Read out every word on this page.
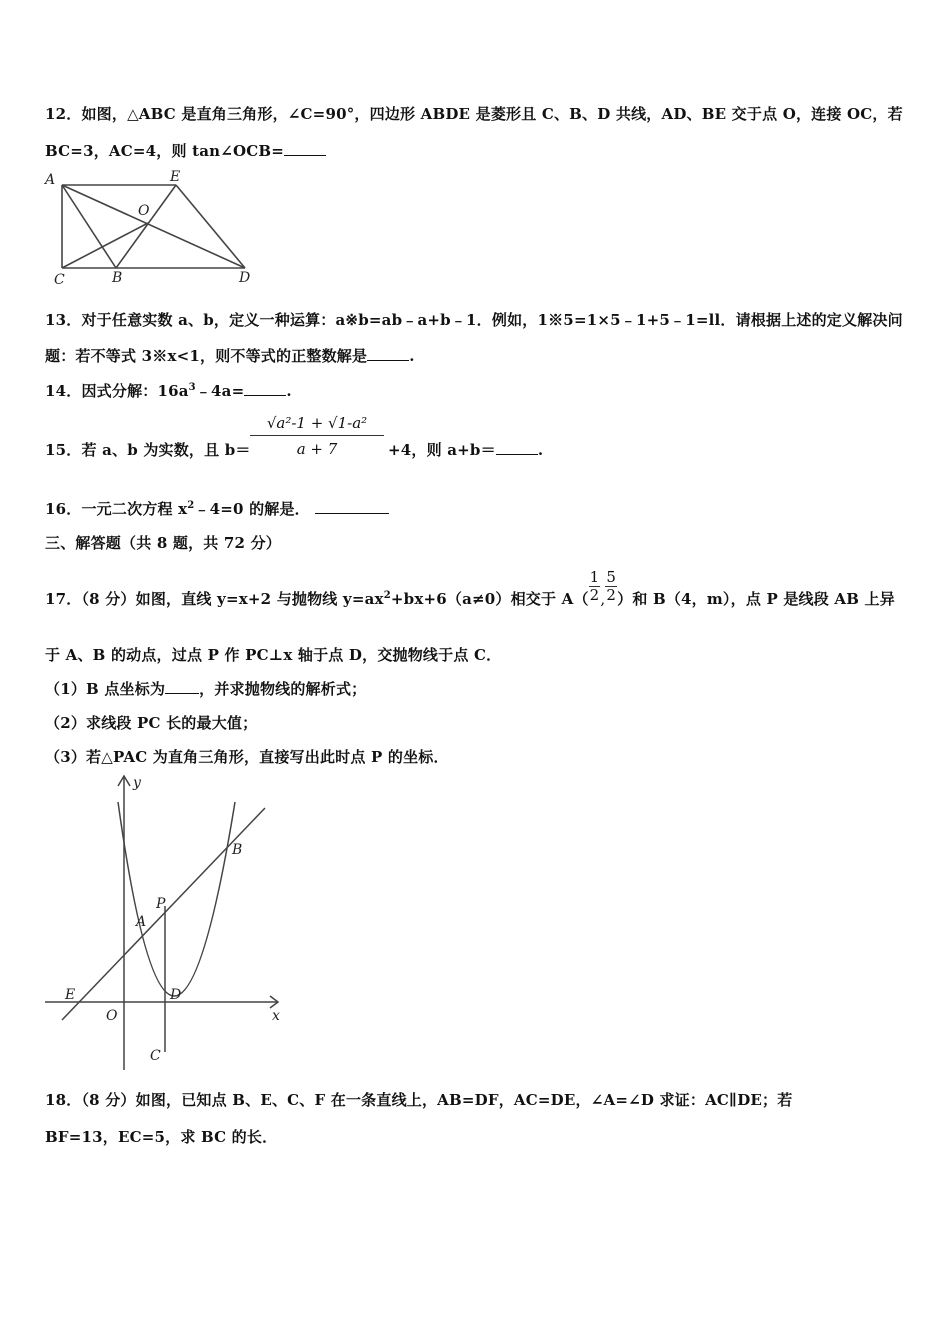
12．如图，△ABC 是直角三角形，∠C=90°，四边形 ABDE 是菱形且 C、B、D 共线，AD、BE 交于点 O，连接 OC，若
BC=3，AC=4，则 tan∠OCB=
A	E
O
C	B	D
13．对于任意实数 a、b，定义一种运算：a※b=ab﹣a+b﹣1．例如，1※5=1×5﹣1+5﹣1=ll．请根据上述的定义解决问
题：若不等式 3※x<1，则不等式的正整数解是	.
14．因式分解：$16a^3﹣4a=$	.
15．若 a、b 为实数，且 $b= \frac{\text{√a²-1 + √1-a²}}{a + 7} +4$，则 a+b＝	.
16．一元二次方程 $x^2﹣4=0$ 的解是．
三、解答题（共 8 题，共 72 分）
17．（8 分）如图，直线 y=x+2 与抛物线 $y=ax^2+bx+6(a\ne 0)$相交于 $A( \frac{1}{2}$ , $\frac{5}{2}$ ）和 B（4，m），点 P 是线段 AB 上异
于 A、B 的动点，过点 P 作 PC⊥x 轴于点 D，交抛物线于点 C．
（1）B 点坐标为 ，并求抛物线的解析式；
（2）求线段 PC 长的最大值；
（3）若△PAC 为直角三角形，直接写出此时点 P 的坐标．
y
x
B
P
A
E	D
O
C
18．（8 分）如图，已知点 B、E、C、F 在一条直线上，AB=DF，AC=DE，∠A=∠D 求证：AC∥DE；若
BF=13，EC=5，求 BC 的长．
